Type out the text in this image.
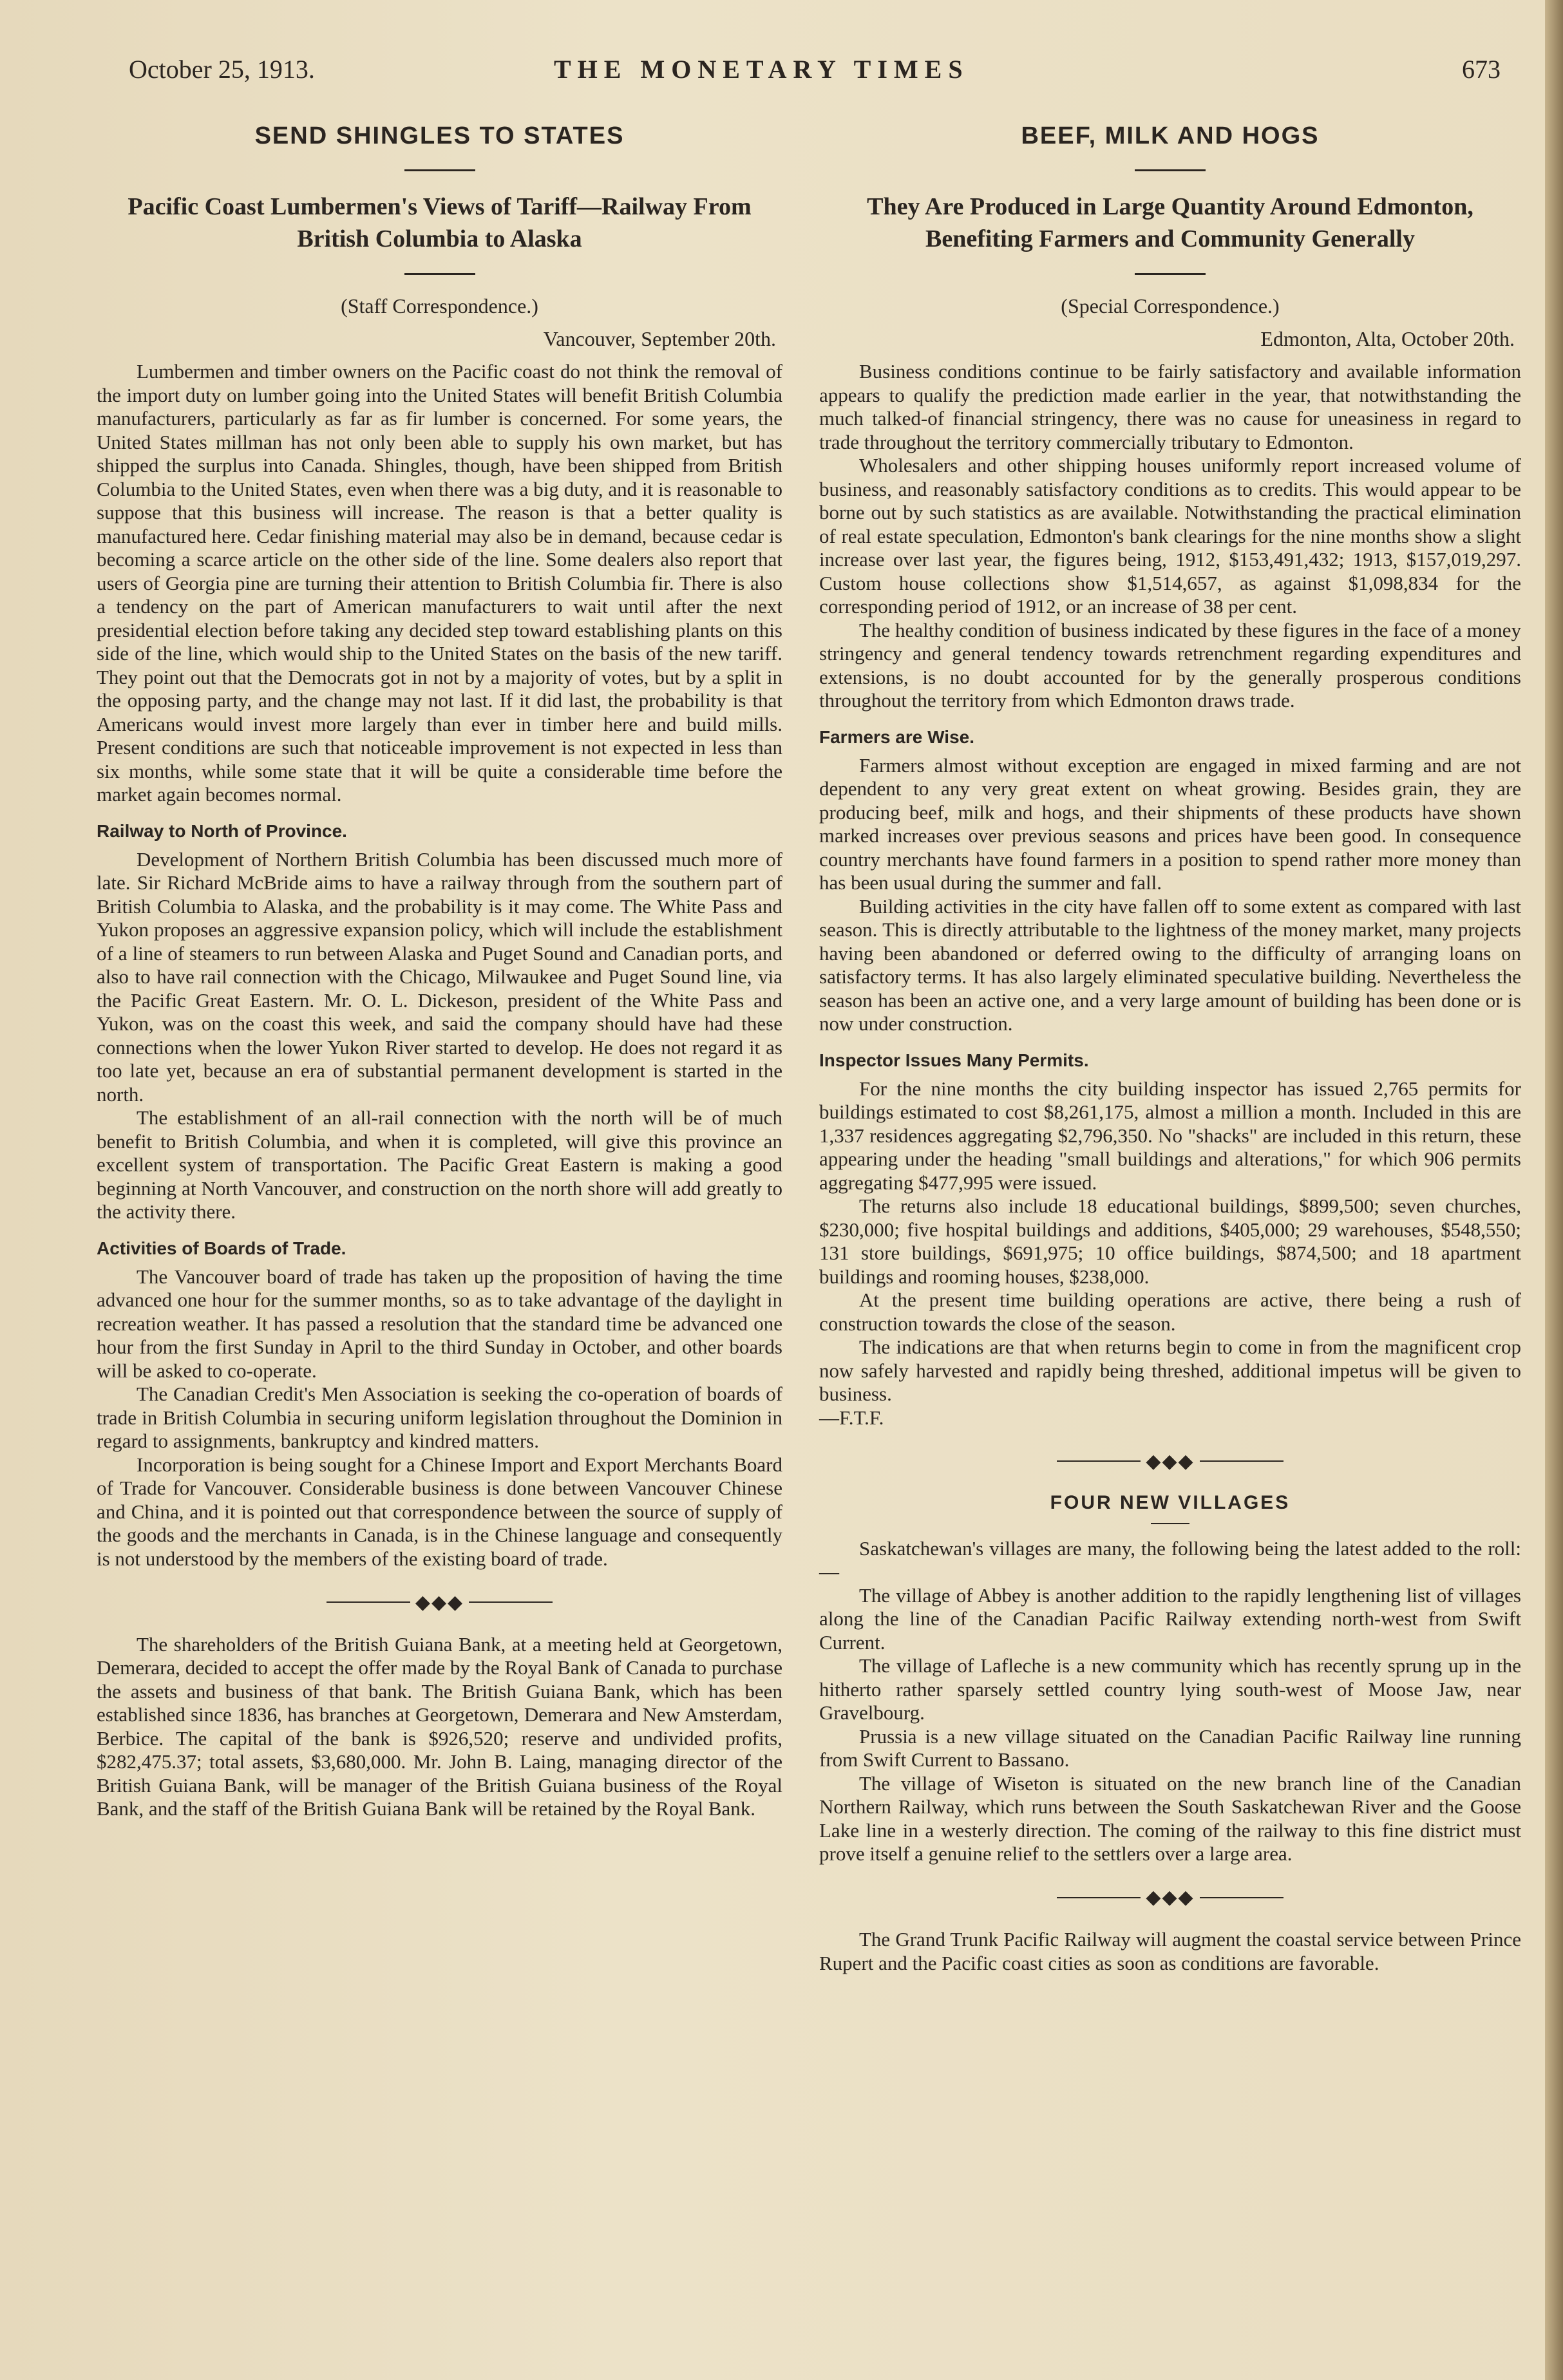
October 25, 1913.	THE MONETARY TIMES	673
SEND SHINGLES TO STATES
Pacific Coast Lumbermen's Views of Tariff—Railway From British Columbia to Alaska
(Staff Correspondence.)
Vancouver, September 20th.

Lumbermen and timber owners on the Pacific coast do not think the removal of the import duty on lumber going into the United States will benefit British Columbia manufacturers, particularly as far as fir lumber is concerned. For some years, the United States millman has not only been able to supply his own market, but has shipped the surplus into Canada. Shingles, though, have been shipped from British Columbia to the United States, even when there was a big duty, and it is reasonable to suppose that this business will increase. The reason is that a better quality is manufactured here. Cedar finishing material may also be in demand, because cedar is becoming a scarce article on the other side of the line. Some dealers also report that users of Georgia pine are turning their attention to British Columbia fir. There is also a tendency on the part of American manufacturers to wait until after the next presidential election before taking any decided step toward establishing plants on this side of the line, which would ship to the United States on the basis of the new tariff. They point out that the Democrats got in not by a majority of votes, but by a split in the opposing party, and the change may not last. If it did last, the probability is that Americans would invest more largely than ever in timber here and build mills. Present conditions are such that noticeable improvement is not expected in less than six months, while some state that it will be quite a considerable time before the market again becomes normal.

Railway to North of Province.

Development of Northern British Columbia has been discussed much more of late. Sir Richard McBride aims to have a railway through from the southern part of British Columbia to Alaska, and the probability is it may come. The White Pass and Yukon proposes an aggressive expansion policy, which will include the establishment of a line of steamers to run between Alaska and Puget Sound and Canadian ports, and also to have rail connection with the Chicago, Milwaukee and Puget Sound line, via the Pacific Great Eastern. Mr. O. L. Dickeson, president of the White Pass and Yukon, was on the coast this week, and said the company should have had these connections when the lower Yukon River started to develop. He does not regard it as too late yet, because an era of substantial permanent development is started in the north.

The establishment of an all-rail connection with the north will be of much benefit to British Columbia, and when it is completed, will give this province an excellent system of transportation. The Pacific Great Eastern is making a good beginning at North Vancouver, and construction on the north shore will add greatly to the activity there.

Activities of Boards of Trade.

The Vancouver board of trade has taken up the proposition of having the time advanced one hour for the summer months, so as to take advantage of the daylight in recreation weather. It has passed a resolution that the standard time be advanced one hour from the first Sunday in April to the third Sunday in October, and other boards will be asked to co-operate.

The Canadian Credit's Men Association is seeking the co-operation of boards of trade in British Columbia in securing uniform legislation throughout the Dominion in regard to assignments, bankruptcy and kindred matters.

Incorporation is being sought for a Chinese Import and Export Merchants Board of Trade for Vancouver. Considerable business is done between Vancouver Chinese and China, and it is pointed out that correspondence between the source of supply of the goods and the merchants in Canada, is in the Chinese language and consequently is not understood by the members of the existing board of trade.

◆◆◆

The shareholders of the British Guiana Bank, at a meeting held at Georgetown, Demerara, decided to accept the offer made by the Royal Bank of Canada to purchase the assets and business of that bank. The British Guiana Bank, which has been established since 1836, has branches at Georgetown, Demerara and New Amsterdam, Berbice. The capital of the bank is $926,520; reserve and undivided profits, $282,475.37; total assets, $3,680,000. Mr. John B. Laing, managing director of the British Guiana Bank, will be manager of the British Guiana business of the Royal Bank, and the staff of the British Guiana Bank will be retained by the Royal Bank.

BEEF, MILK AND HOGS
They Are Produced in Large Quantity Around Edmonton, Benefiting Farmers and Community Generally
(Special Correspondence.)
Edmonton, Alta, October 20th.

Business conditions continue to be fairly satisfactory and available information appears to qualify the prediction made earlier in the year, that notwithstanding the much talked-of financial stringency, there was no cause for uneasiness in regard to trade throughout the territory commercially tributary to Edmonton.

Wholesalers and other shipping houses uniformly report increased volume of business, and reasonably satisfactory conditions as to credits. This would appear to be borne out by such statistics as are available. Notwithstanding the practical elimination of real estate speculation, Edmonton's bank clearings for the nine months show a slight increase over last year, the figures being, 1912, $153,491,432; 1913, $157,019,297. Custom house collections show $1,514,657, as against $1,098,834 for the corresponding period of 1912, or an increase of 38 per cent.

The healthy condition of business indicated by these figures in the face of a money stringency and general tendency towards retrenchment regarding expenditures and extensions, is no doubt accounted for by the generally prosperous conditions throughout the territory from which Edmonton draws trade.

Farmers are Wise.

Farmers almost without exception are engaged in mixed farming and are not dependent to any very great extent on wheat growing. Besides grain, they are producing beef, milk and hogs, and their shipments of these products have shown marked increases over previous seasons and prices have been good. In consequence country merchants have found farmers in a position to spend rather more money than has been usual during the summer and fall.

Building activities in the city have fallen off to some extent as compared with last season. This is directly attributable to the lightness of the money market, many projects having been abandoned or deferred owing to the difficulty of arranging loans on satisfactory terms. It has also largely eliminated speculative building. Nevertheless the season has been an active one, and a very large amount of building has been done or is now under construction.

Inspector Issues Many Permits.

For the nine months the city building inspector has issued 2,765 permits for buildings estimated to cost $8,261,175, almost a million a month. Included in this are 1,337 residences aggregating $2,796,350. No "shacks" are included in this return, these appearing under the heading "small buildings and alterations," for which 906 permits aggregating $477,995 were issued.

The returns also include 18 educational buildings, $899,500; seven churches, $230,000; five hospital buildings and additions, $405,000; 29 warehouses, $548,550; 131 store buildings, $691,975; 10 office buildings, $874,500; and 18 apartment buildings and rooming houses, $238,000.

At the present time building operations are active, there being a rush of construction towards the close of the season.

The indications are that when returns begin to come in from the magnificent crop now safely harvested and rapidly being threshed, additional impetus will be given to business.

—F.T.F.
◆◆◆
FOUR NEW VILLAGES

Saskatchewan's villages are many, the following being the latest added to the roll:—

The village of Abbey is another addition to the rapidly lengthening list of villages along the line of the Canadian Pacific Railway extending north-west from Swift Current.

The village of Lafleche is a new community which has recently sprung up in the hitherto rather sparsely settled country lying south-west of Moose Jaw, near Gravelbourg.

Prussia is a new village situated on the Canadian Pacific Railway line running from Swift Current to Bassano.

The village of Wiseton is situated on the new branch line of the Canadian Northern Railway, which runs between the South Saskatchewan River and the Goose Lake line in a westerly direction. The coming of the railway to this fine district must prove itself a genuine relief to the settlers over a large area.

◆◆◆

The Grand Trunk Pacific Railway will augment the coastal service between Prince Rupert and the Pacific coast cities as soon as conditions are favorable.
